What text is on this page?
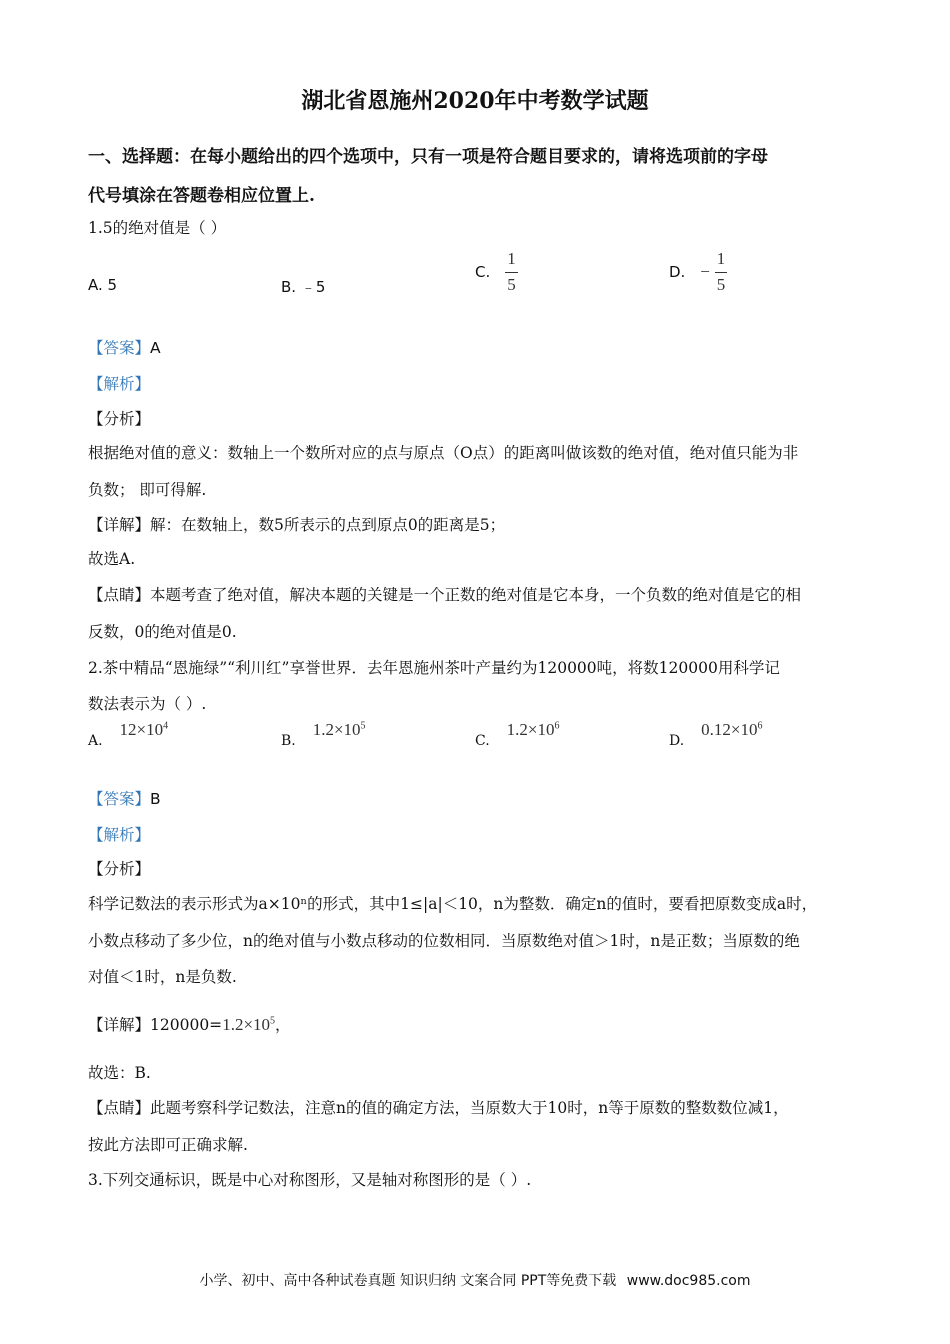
湖北省恩施州2020年中考数学试题
一、选择题：在每小题给出的四个选项中，只有一项是符合题目要求的，请将选项前的字母
代号填涂在答题卷相应位置上.
1.5的绝对值是（ ）
A. 5	B. ﹣5
C. $\frac{1}{5}$	D. − $\frac{1}{5}$
【答案】A
【解析】
【分析】
根据绝对值的意义：数轴上一个数所对应的点与原点（O点）的距离叫做该数的绝对值，绝对值只能为非
负数； 即可得解.
【详解】解：在数轴上，数5所表示的点到原点0的距离是5；
故选A.
【点睛】本题考查了绝对值，解决本题的关键是一个正数的绝对值是它本身，一个负数的绝对值是它的相
反数，0的绝对值是0.
2.茶中精品“恩施绿”“利川红”享誉世界．去年恩施州茶叶产量约为120000吨，将数120000用科学记
数法表示为（ ）.
A. $12\times 10^4$
B. $1.2\times 10^5$
C. $1.2\times 10^6$
D. $0.12\times 10^6$
【答案】B
【解析】
【分析】
科学记数法的表示形式为a×10ⁿ的形式，其中1≤|a|＜10，n为整数．确定n的值时，要看把原数变成a时，
小数点移动了多少位，n的绝对值与小数点移动的位数相同．当原数绝对值＞1时，n是正数；当原数的绝
对值＜1时，n是负数.
【详解】$120000=1.2\times 10^5$，
故选：B.
【点睛】此题考察科学记数法，注意n的值的确定方法，当原数大于10时，n等于原数的整数数位减1，
按此方法即可正确求解.
3.下列交通标识，既是中心对称图形，又是轴对称图形的是（ ）.
小学、初中、高中各种试卷真题 知识归纳 文案合同 PPT等免费下载 www.doc985.com
